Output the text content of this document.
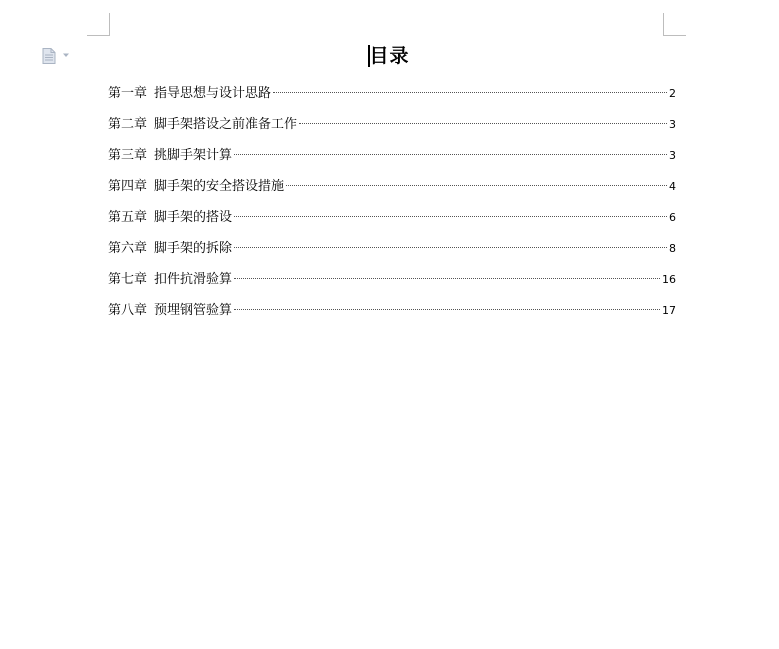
目录
第一章 指导思想与设计思路	2
第二章 脚手架搭设之前准备工作	3
第三章 挑脚手架计算	3
第四章 脚手架的安全搭设措施	4
第五章 脚手架的搭设	6
第六章 脚手架的拆除	8
第七章 扣件抗滑验算	16
第八章 预埋钢管验算	17
